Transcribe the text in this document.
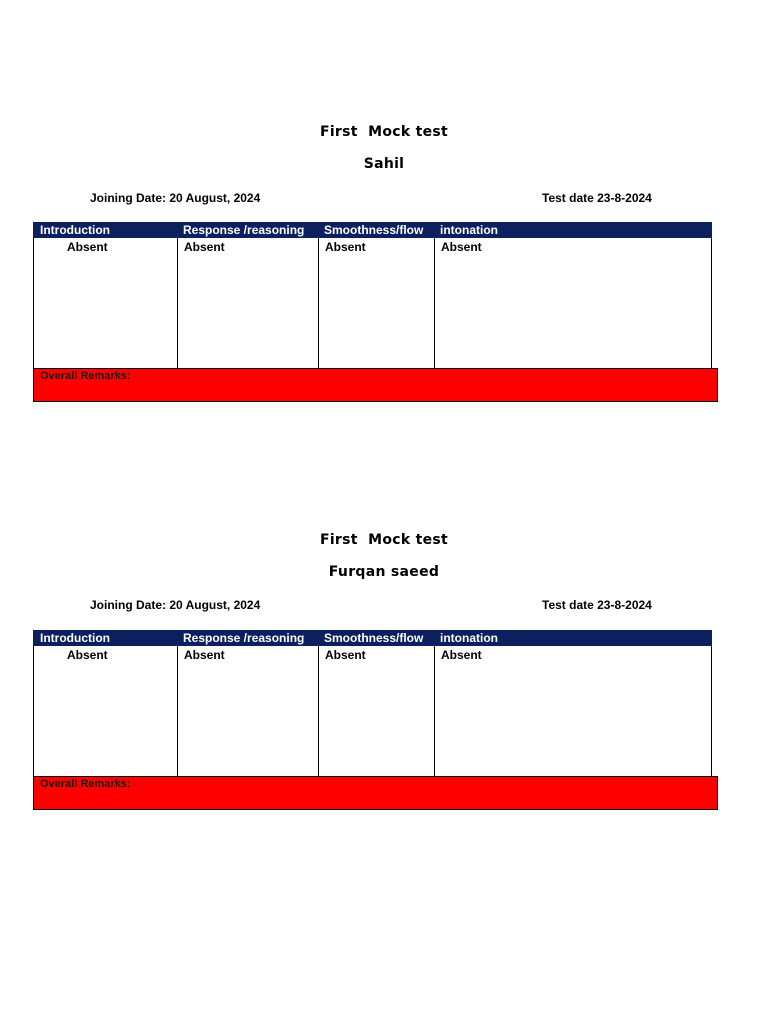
First  Mock test
Sahil
Joining Date: 20 August, 2024	Test date 23-8-2024
Introduction	Response /reasoning	Smoothness/flow	intonation
Absent	Absent	Absent	Absent
Overall Remarks:
First  Mock test
Furqan saeed
Joining Date: 20 August, 2024	Test date 23-8-2024
Introduction	Response /reasoning	Smoothness/flow	intonation
Absent	Absent	Absent	Absent
Overall Remarks:
